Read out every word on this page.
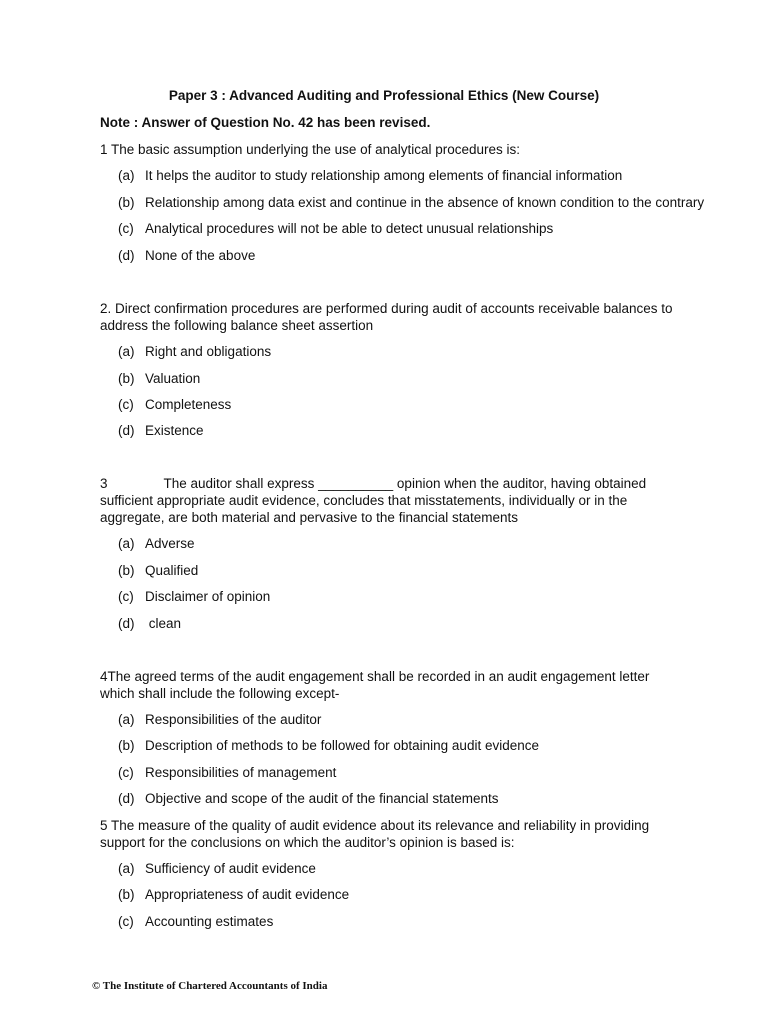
Paper 3 : Advanced Auditing and Professional Ethics (New Course)
Note : Answer of Question No. 42 has been revised.
1 The basic assumption underlying the use of analytical procedures is:
(a) It helps the auditor to study relationship among elements of financial information
(b) Relationship among data exist and continue in the absence of known condition to the contrary
(c) Analytical procedures will not be able to detect unusual relationships
(d) None of the above
2. Direct confirmation procedures are performed during audit of accounts receivable balances to address the following balance sheet assertion
(a) Right and obligations
(b) Valuation
(c) Completeness
(d) Existence
3	The auditor shall express __________ opinion when the auditor, having obtained sufficient appropriate audit evidence, concludes that misstatements, individually or in the aggregate, are both material and pervasive to the financial statements
(a) Adverse
(b) Qualified
(c) Disclaimer of opinion
(d) clean
4The agreed terms of the audit engagement shall be recorded in an audit engagement letter which shall include the following except-
(a) Responsibilities of the auditor
(b) Description of methods to be followed for obtaining audit evidence
(c) Responsibilities of management
(d) Objective and scope of the audit of the financial statements
5 The measure of the quality of audit evidence about its relevance and reliability in providing support for the conclusions on which the auditor’s opinion is based is:
(a) Sufficiency of audit evidence
(b) Appropriateness of audit evidence
(c) Accounting estimates
© The Institute of Chartered Accountants of India
